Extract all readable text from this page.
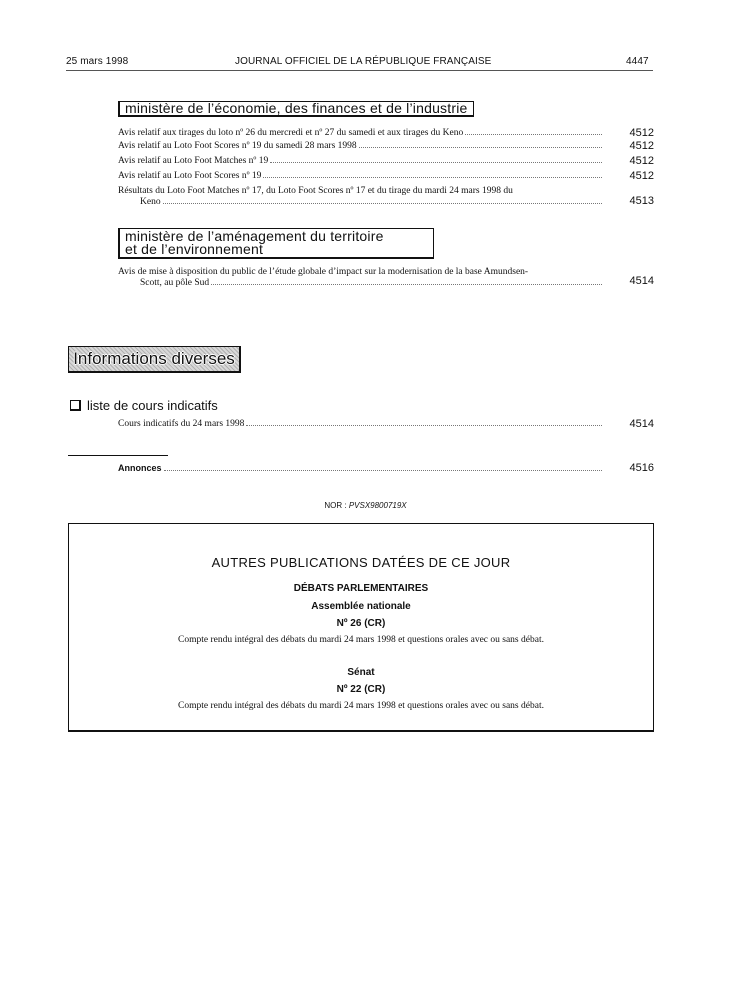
25 mars 1998	JOURNAL OFFICIEL DE LA RÉPUBLIQUE FRANÇAISE	4447
ministère de l’économie, des finances et de l’industrie
Avis relatif aux tirages du loto nº 26 du mercredi et nº 27 du samedi et aux tirages du Keno	4512
Avis relatif au Loto Foot Scores nº 19 du samedi 28 mars 1998	4512
Avis relatif au Loto Foot Matches nº 19	4512
Avis relatif au Loto Foot Scores nº 19	4512
Résultats du Loto Foot Matches nº 17, du Loto Foot Scores nº 17 et du tirage du mardi 24 mars 1998 du
Keno	4513
ministère de l’aménagement du territoire
et de l’environnement
Avis de mise à disposition du public de l’étude globale d’impact sur la modernisation de la base Amundsen-
Scott, au pôle Sud	4514
Informations diverses
liste de cours indicatifs
Cours indicatifs du 24 mars 1998	4514
Annonces	4516
NOR : PVSX9800719X
AUTRES PUBLICATIONS DATÉES DE CE JOUR
DÉBATS PARLEMENTAIRES
Assemblée nationale
Nº 26 (CR)
Compte rendu intégral des débats du mardi 24 mars 1998 et questions orales avec ou sans débat.
Sénat
Nº 22 (CR)
Compte rendu intégral des débats du mardi 24 mars 1998 et questions orales avec ou sans débat.
